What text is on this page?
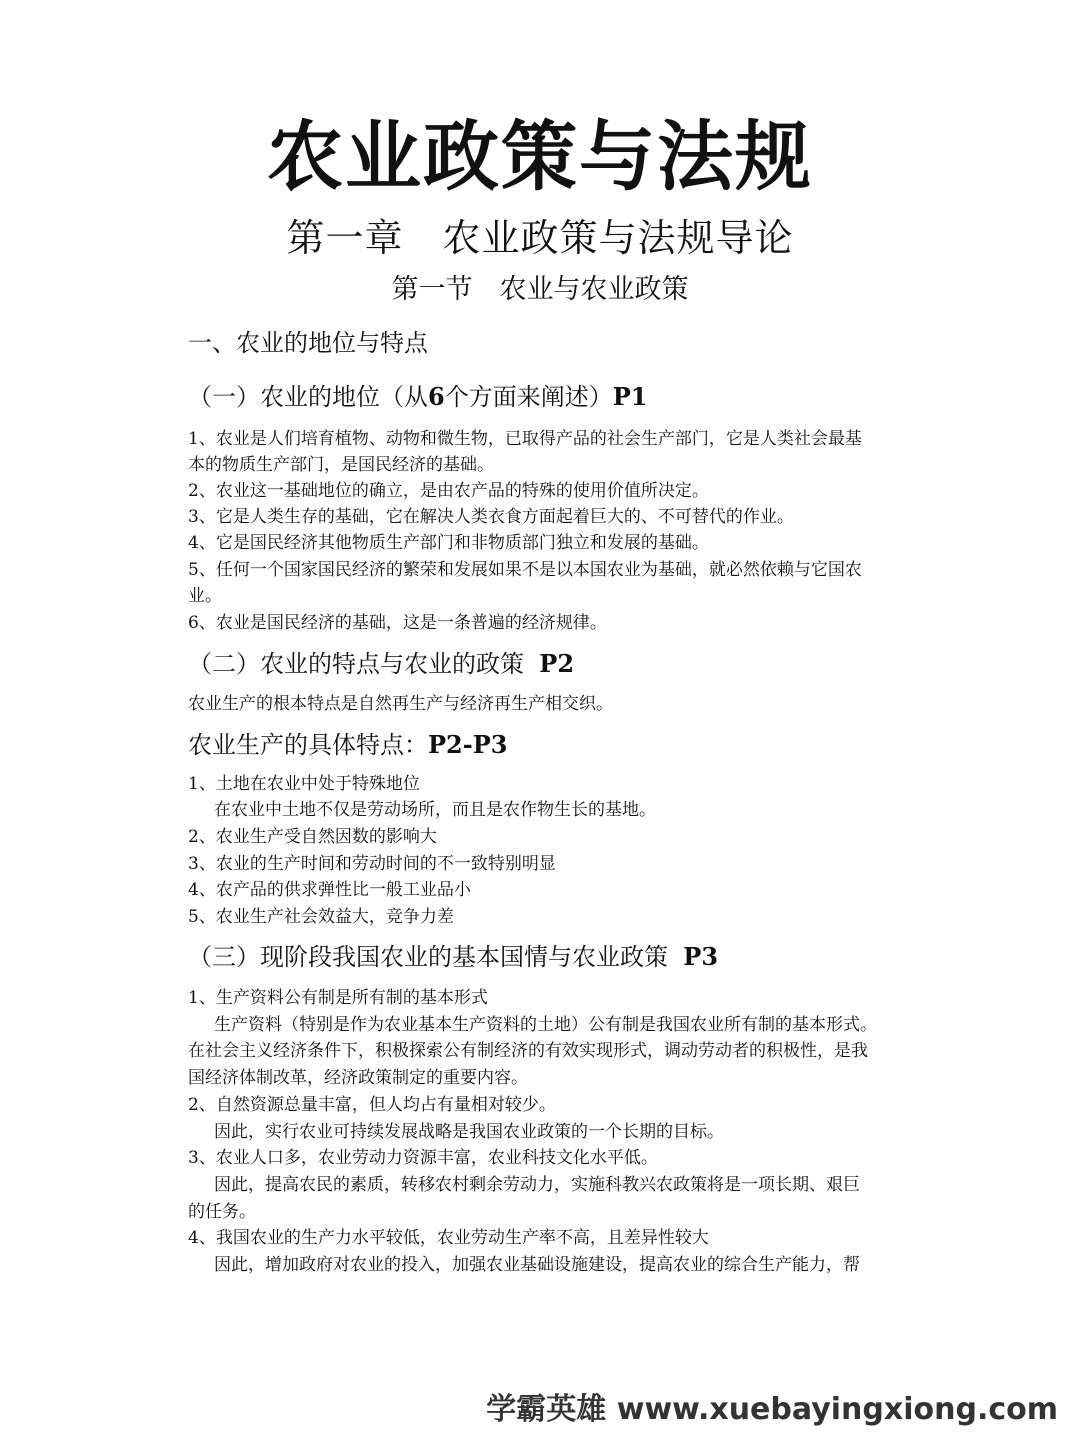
农业政策与法规
第一章　农业政策与法规导论
第一节　农业与农业政策
一、农业的地位与特点
（一）农业的地位（从6个方面来阐述）P1
1、农业是人们培育植物、动物和微生物，已取得产品的社会生产部门，它是人类社会最基
本的物质生产部门，是国民经济的基础。
2、农业这一基础地位的确立，是由农产品的特殊的使用价值所决定。
3、它是人类生存的基础，它在解决人类衣食方面起着巨大的、不可替代的作业。
4、它是国民经济其他物质生产部门和非物质部门独立和发展的基础。
5、任何一个国家国民经济的繁荣和发展如果不是以本国农业为基础，就必然依赖与它国农
业。
6、农业是国民经济的基础，这是一条普遍的经济规律。
（二）农业的特点与农业的政策 P2
农业生产的根本特点是自然再生产与经济再生产相交织。
农业生产的具体特点：P2-P3
1、土地在农业中处于特殊地位
在农业中土地不仅是劳动场所，而且是农作物生长的基地。
2、农业生产受自然因数的影响大
3、农业的生产时间和劳动时间的不一致特别明显
4、农产品的供求弹性比一般工业品小
5、农业生产社会效益大，竞争力差
（三）现阶段我国农业的基本国情与农业政策 P3
1、生产资料公有制是所有制的基本形式
生产资料（特别是作为农业基本生产资料的土地）公有制是我国农业所有制的基本形式。
在社会主义经济条件下，积极探索公有制经济的有效实现形式，调动劳动者的积极性，是我
国经济体制改革，经济政策制定的重要内容。
2、自然资源总量丰富，但人均占有量相对较少。
因此，实行农业可持续发展战略是我国农业政策的一个长期的目标。
3、农业人口多，农业劳动力资源丰富，农业科技文化水平低。
因此，提高农民的素质，转移农村剩余劳动力，实施科教兴农政策将是一项长期、艰巨
的任务。
4、我国农业的生产力水平较低，农业劳动生产率不高，且差异性较大
因此，增加政府对农业的投入，加强农业基础设施建设，提高农业的综合生产能力，帮
学霸英雄 www.xuebayingxiong.com
